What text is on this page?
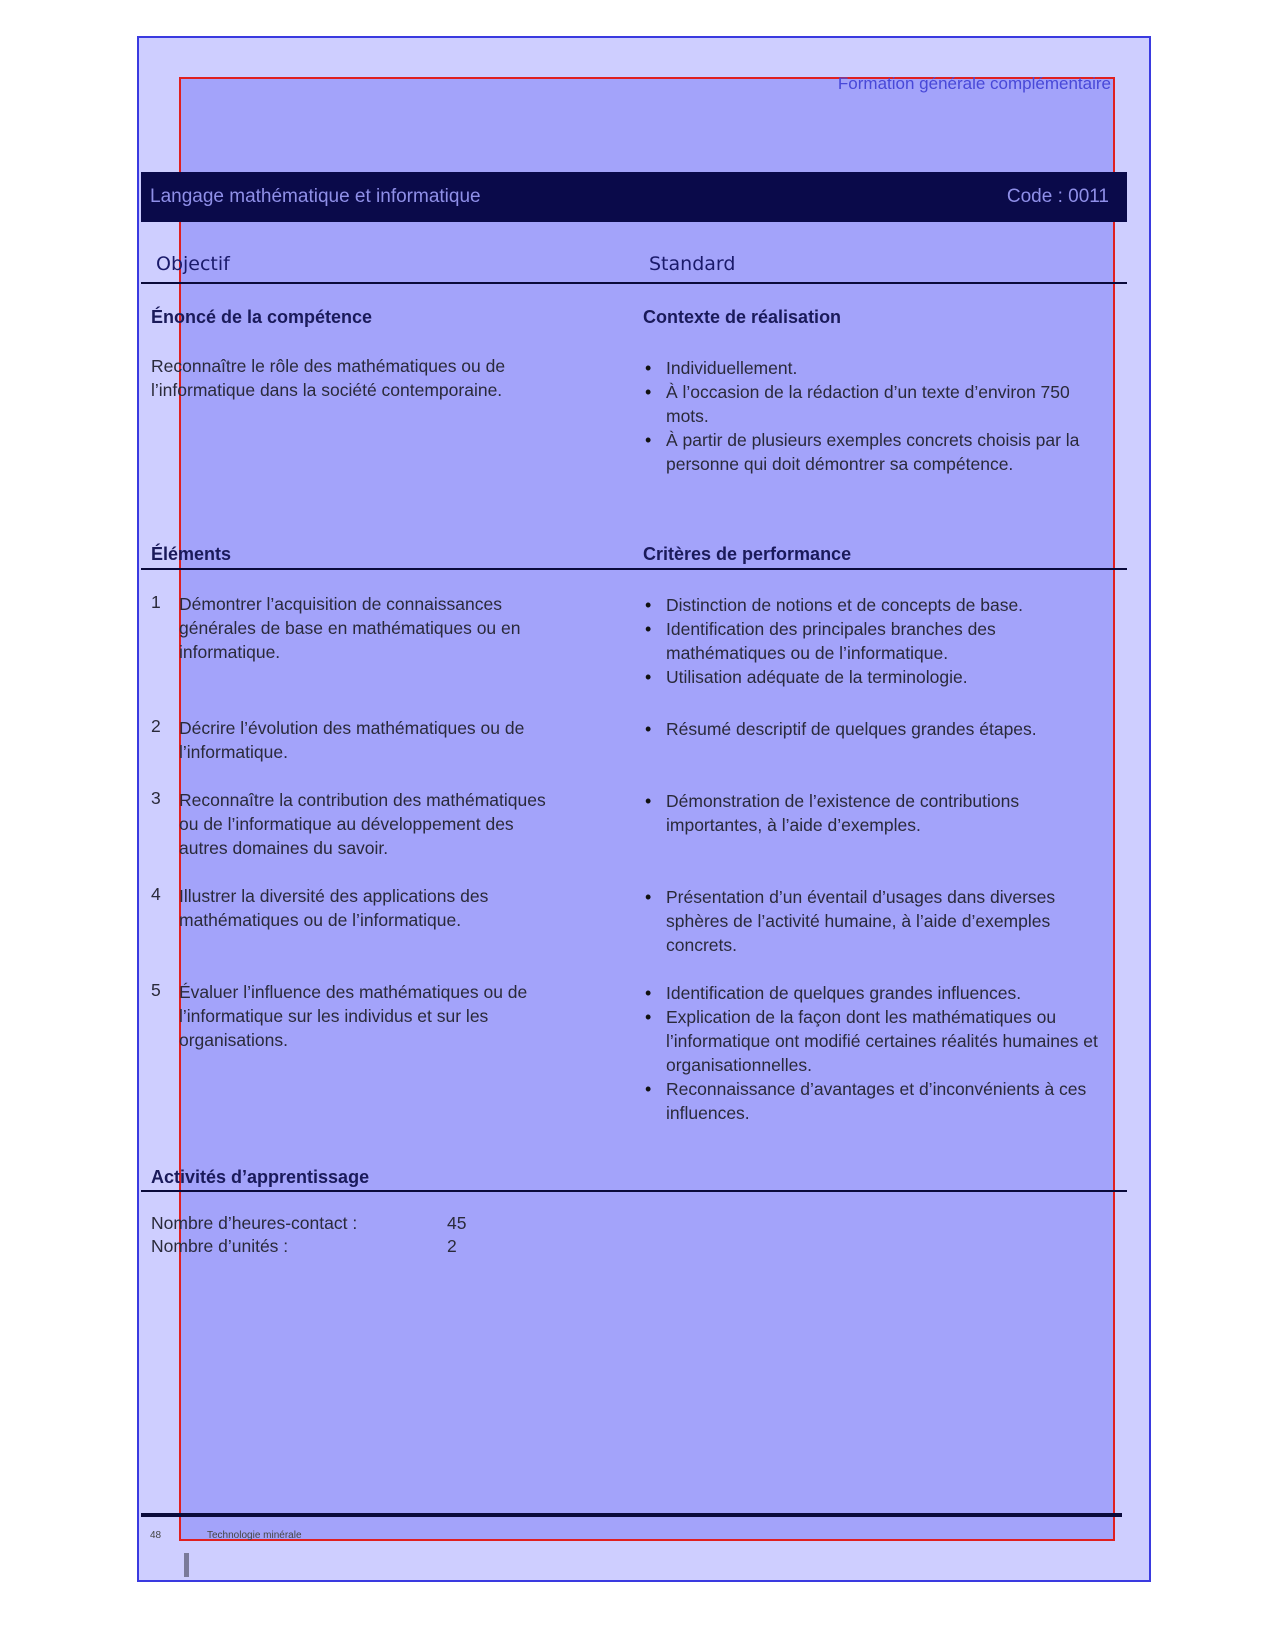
Formation générale complémentaire
Langage mathématique et informatique	Code : 0011
Objectif	Standard
Énoncé de la compétence	Contexte de réalisation
Reconnaître le rôle des mathématiques ou de
l’informatique dans la société contemporaine.
• Individuellement.
• À l’occasion de la rédaction d’un texte d’environ 750 mots.
• À partir de plusieurs exemples concrets choisis par la personne qui doit démontrer sa compétence.
Éléments	Critères de performance
1 Démontrer l’acquisition de connaissances
générales de base en mathématiques ou en
informatique.
• Distinction de notions et de concepts de base.
• Identification des principales branches des mathématiques ou de l’informatique.
• Utilisation adéquate de la terminologie.
2 Décrire l’évolution des mathématiques ou de
l’informatique.
• Résumé descriptif de quelques grandes étapes.
3 Reconnaître la contribution des mathématiques
ou de l’informatique au développement des
autres domaines du savoir.
• Démonstration de l’existence de contributions importantes, à l’aide d’exemples.
4 Illustrer la diversité des applications des
mathématiques ou de l’informatique.
• Présentation d’un éventail d’usages dans diverses sphères de l’activité humaine, à l’aide d’exemples concrets.
5 Évaluer l’influence des mathématiques ou de
l’informatique sur les individus et sur les
organisations.
• Identification de quelques grandes influences.
• Explication de la façon dont les mathématiques ou l’informatique ont modifié certaines réalités humaines et organisationnelles.
• Reconnaissance d’avantages et d’inconvénients à ces influences.
Activités d’apprentissage
Nombre d’heures-contact :	45
Nombre d’unités :	2
48	Technologie minérale
